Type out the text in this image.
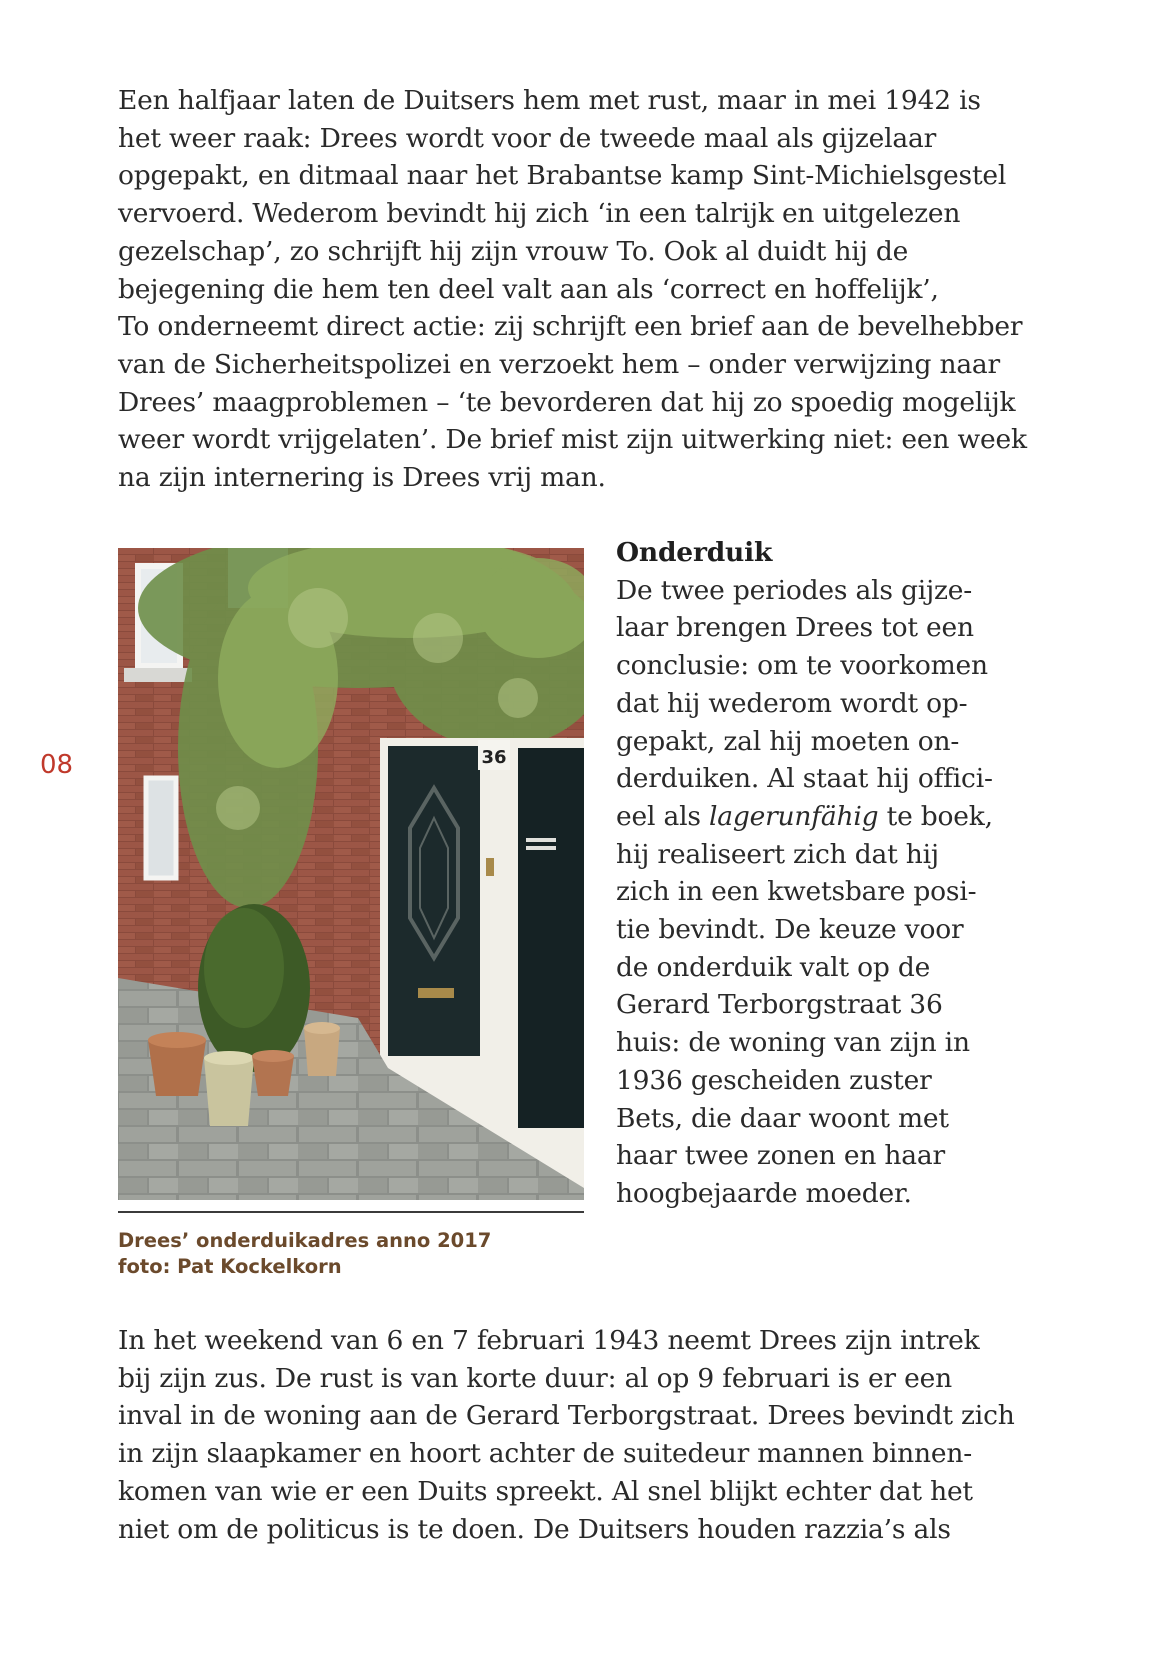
08

Een halfjaar laten de Duitsers hem met rust, maar in mei 1942 is
het weer raak: Drees wordt voor de tweede maal als gijzelaar
opgepakt, en ditmaal naar het Brabantse kamp Sint-Michielsgestel
vervoerd. Wederom bevindt hij zich ‘in een talrijk en uitgelezen
gezelschap’, zo schrijft hij zijn vrouw To. Ook al duidt hij de
bejegening die hem ten deel valt aan als ‘correct en hoffelijk’,
To onderneemt direct actie: zij schrijft een brief aan de bevelhebber
van de Sicherheitspolizei en verzoekt hem – onder verwijzing naar
Drees’ maagproblemen – ‘te bevorderen dat hij zo spoedig mogelijk
weer wordt vrijgelaten’. De brief mist zijn uitwerking niet: een week
na zijn internering is Drees vrij man.

36
Drees’ onderduikadres anno 2017
foto: Pat Kockelkorn
Onderduik
De twee periodes als gijze-
laar brengen Drees tot een
conclusie: om te voorkomen
dat hij wederom wordt op-
gepakt, zal hij moeten on-
derduiken. Al staat hij offici-
eel als lagerunfähig te boek,
hij realiseert zich dat hij
zich in een kwetsbare posi-
tie bevindt. De keuze voor
de onderduik valt op de
Gerard Terborgstraat 36
huis: de woning van zijn in
1936 gescheiden zuster
Bets, die daar woont met
haar twee zonen en haar
hoogbejaarde moeder.

In het weekend van 6 en 7 februari 1943 neemt Drees zijn intrek
bij zijn zus. De rust is van korte duur: al op 9 februari is er een
inval in de woning aan de Gerard Terborgstraat. Drees bevindt zich
in zijn slaapkamer en hoort achter de suitedeur mannen binnen-
komen van wie er een Duits spreekt. Al snel blijkt echter dat het
niet om de politicus is te doen. De Duitsers houden razzia’s als
